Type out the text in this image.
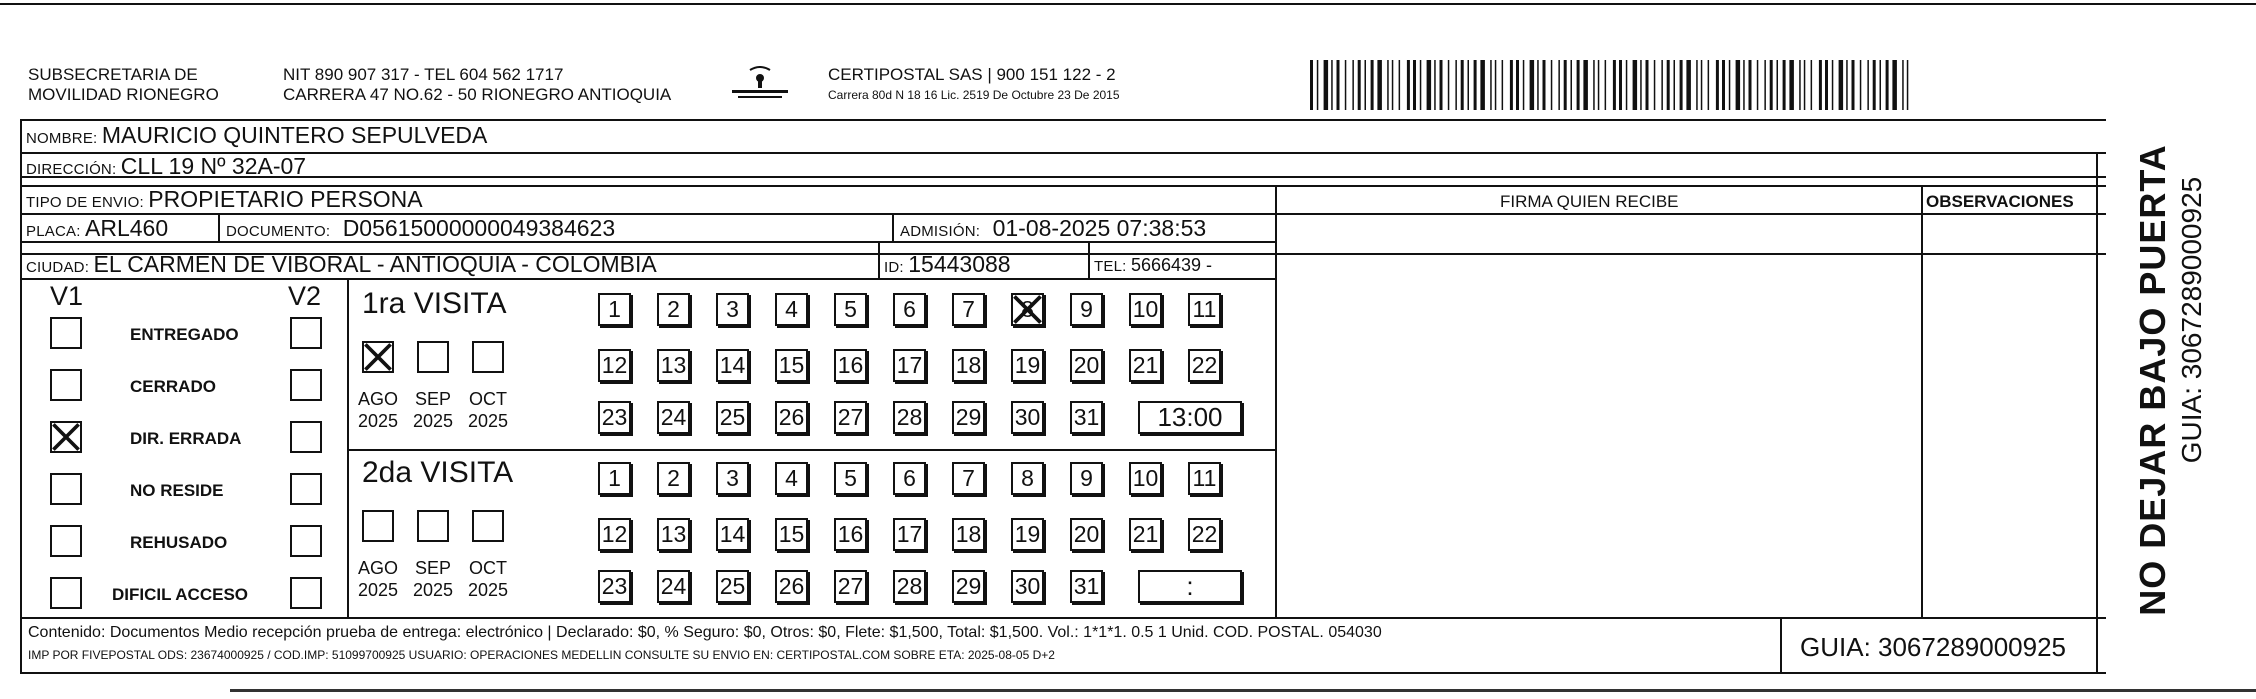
SUBSECRETARIA DE
MOVILIDAD RIONEGRO
NIT 890 907 317 - TEL 604 562 1717
CARRERA 47 NO.62 - 50 RIONEGRO ANTIOQUIA
CERTIPOSTAL SAS | 900 151 122 - 2
Carrera 80d N 18 16 Lic. 2519 De Octubre 23 De 2015
NOMBRE: MAURICIO QUINTERO SEPULVEDA
DIRECCIÓN: CLL 19 Nº 32A-07
TIPO DE ENVIO: PROPIETARIO PERSONA
PLACA: ARL460	DOCUMENTO: D05615000000049384623	ADMISIÓN: 01-08-2025 07:38:53
CIUDAD: EL CARMEN DE VIBORAL - ANTIOQUIA - COLOMBIA	ID: 15443088	TEL: 5666439 -
FIRMA QUIEN RECIBE	OBSERVACIONES NO DEJAR BAJO PUERTA GUIA: 3067289000925
V1	V2
ENTREGADO
CERRADO
DIR. ERRADA
NO RESIDE
REHUSADO
DIFICIL ACCESO
1ra VISITA
AGO
2025
SEP
2025
OCT
2025
1	2	3	4	5	6	7	8	9	10 11
12 13 14 15 16 17 18 19 20 21 22
23 24 25 26 27 28 29 30 31	13:00
2da VISITA
AGO
2025
SEP
2025
OCT
2025
1	2	3	4	5	6	7	8	9	10 11
12 13 14 15 16 17 18 19 20 21 22
23 24 25 26 27 28 29 30 31	:
Contenido: Documentos Medio recepción prueba de entrega: electrónico | Declarado: $0, % Seguro: $0, Otros: $0, Flete: $1,500, Total: $1,500. Vol.: 1*1*1. 0.5 1 Unid. COD. POSTAL. 054030
IMP POR FIVEPOSTAL ODS: 23674000925 / COD.IMP: 51099700925 USUARIO: OPERACIONES MEDELLIN CONSULTE SU ENVIO EN: CERTIPOSTAL.COM SOBRE ETA: 2025-08-05 D+2	GUIA: 3067289000925
